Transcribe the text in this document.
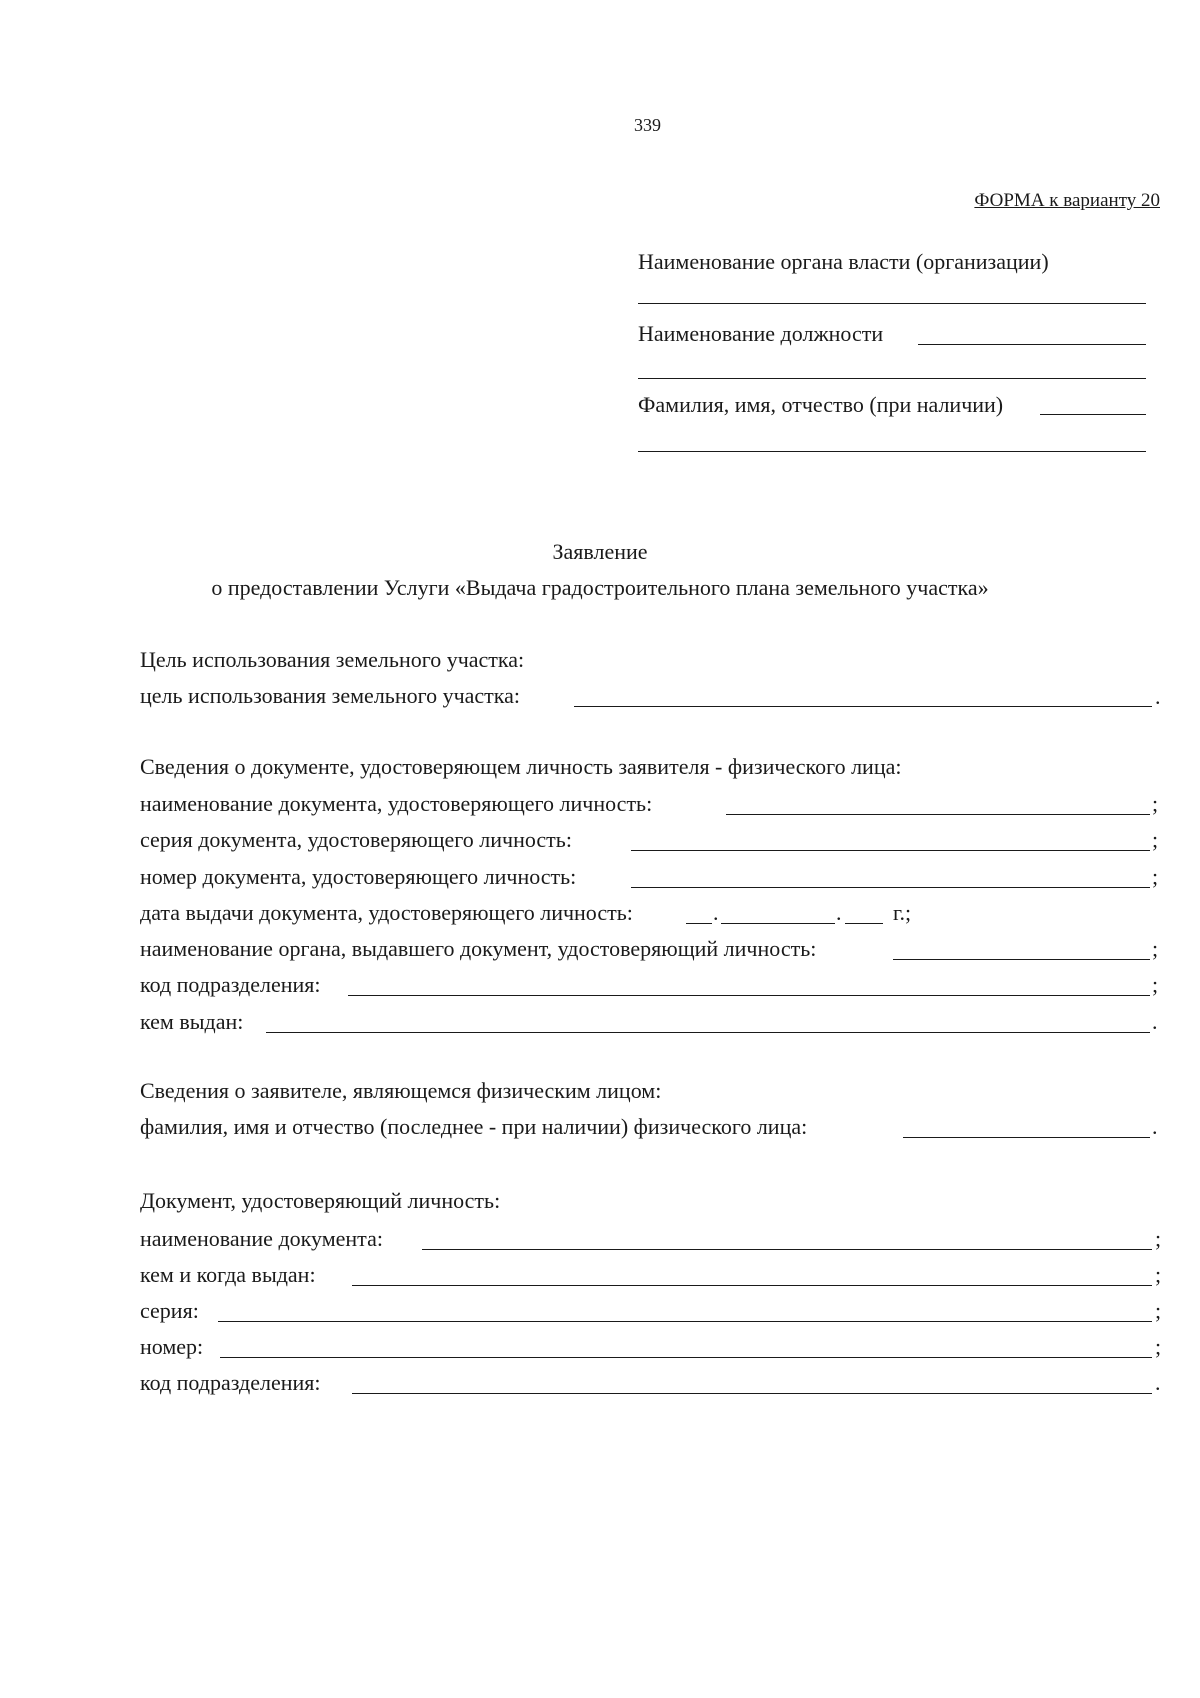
339
ФОРМА к варианту 20
Наименование органа власти (организации)
Наименование должности
Фамилия, имя, отчество (при наличии)
Заявление
о предоставлении Услуги «Выдача градостроительного плана земельного участка»
Цель использования земельного участка:
цель использования земельного участка:	.
Сведения о документе, удостоверяющем личность заявителя - физического лица:
наименование документа, удостоверяющего личность:	;
серия документа, удостоверяющего личность:	;
номер документа, удостоверяющего личность:	;
дата выдачи документа, удостоверяющего личность:	.	. г.;
наименование органа, выдавшего документ, удостоверяющий личность:	;
код подразделения:	;
кем выдан:	.
Сведения о заявителе, являющемся физическим лицом:
фамилия, имя и отчество (последнее - при наличии) физического лица:	.
Документ, удостоверяющий личность:
наименование документа:	;
кем и когда выдан:	;
серия:	;
номер:	;
код подразделения:	.
